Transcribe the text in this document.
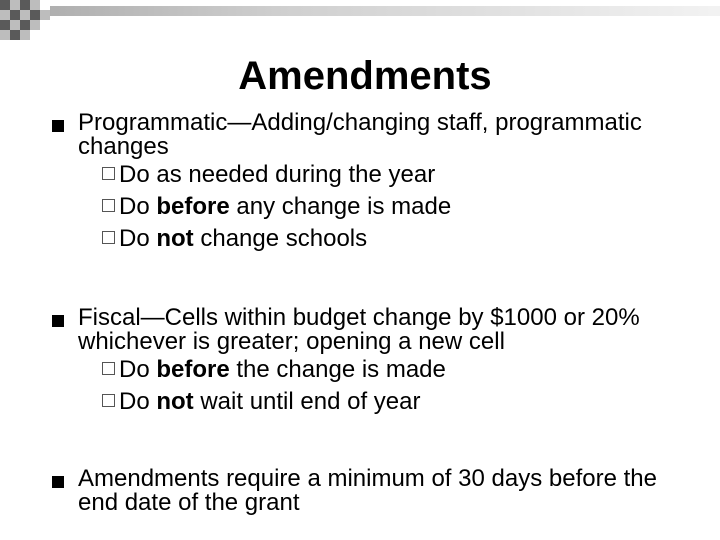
Amendments
Programmatic—Adding/changing staff, programmatic changes
Do as needed during the year
Do before any change is made
Do not change schools
Fiscal—Cells within budget change by $1000 or 20% whichever is greater; opening a new cell
Do before the change is made
Do not wait until end of year
Amendments require a minimum of 30 days before the end date of the grant
